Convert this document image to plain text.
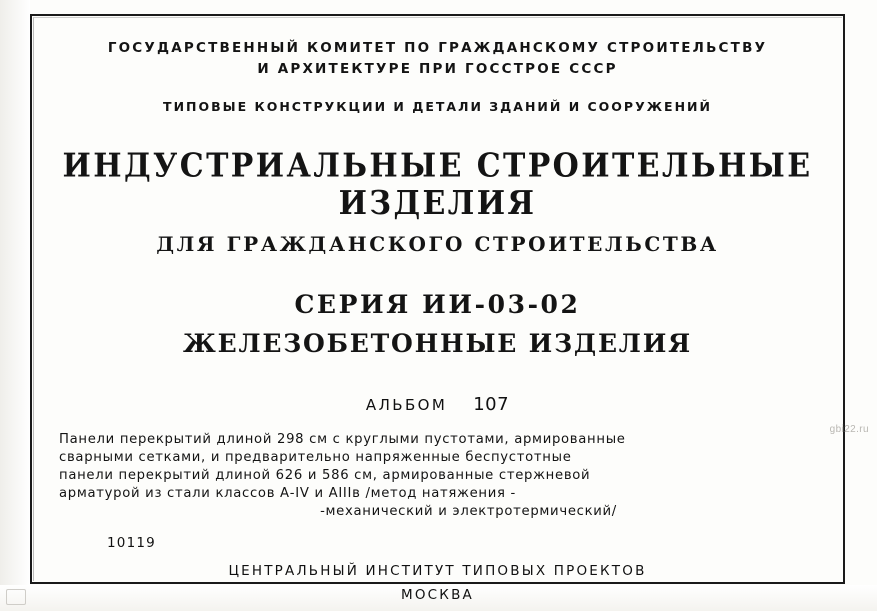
ГОСУДАРСТВЕННЫЙ КОМИТЕТ ПО ГРАЖДАНСКОМУ СТРОИТЕЛЬСТВУ
И АРХИТЕКТУРЕ ПРИ ГОССТРОЕ СССР
ТИПОВЫЕ КОНСТРУКЦИИ И ДЕТАЛИ ЗДАНИЙ И СООРУЖЕНИЙ
ИНДУСТРИАЛЬНЫЕ СТРОИТЕЛЬНЫЕ ИЗДЕЛИЯ
ДЛЯ ГРАЖДАНСКОГО СТРОИТЕЛЬСТВА
СЕРИЯ ИИ-03-02
ЖЕЛЕЗОБЕТОННЫЕ ИЗДЕЛИЯ
АЛЬБОМ 107
Панели перекрытий длиной 298 см с круглыми пустотами, армированные
сварными сетками, и предварительно напряженные беспустотные
панели перекрытий длиной 626 и 586 см, армированные стержневой
арматурой из стали классов А-IV и АIIIв /метод натяжения -
-механический и электротермический/
10119
ЦЕНТРАЛЬНЫЙ ИНСТИТУТ ТИПОВЫХ ПРОЕКТОВ
МОСКВА
gbi22.ru
